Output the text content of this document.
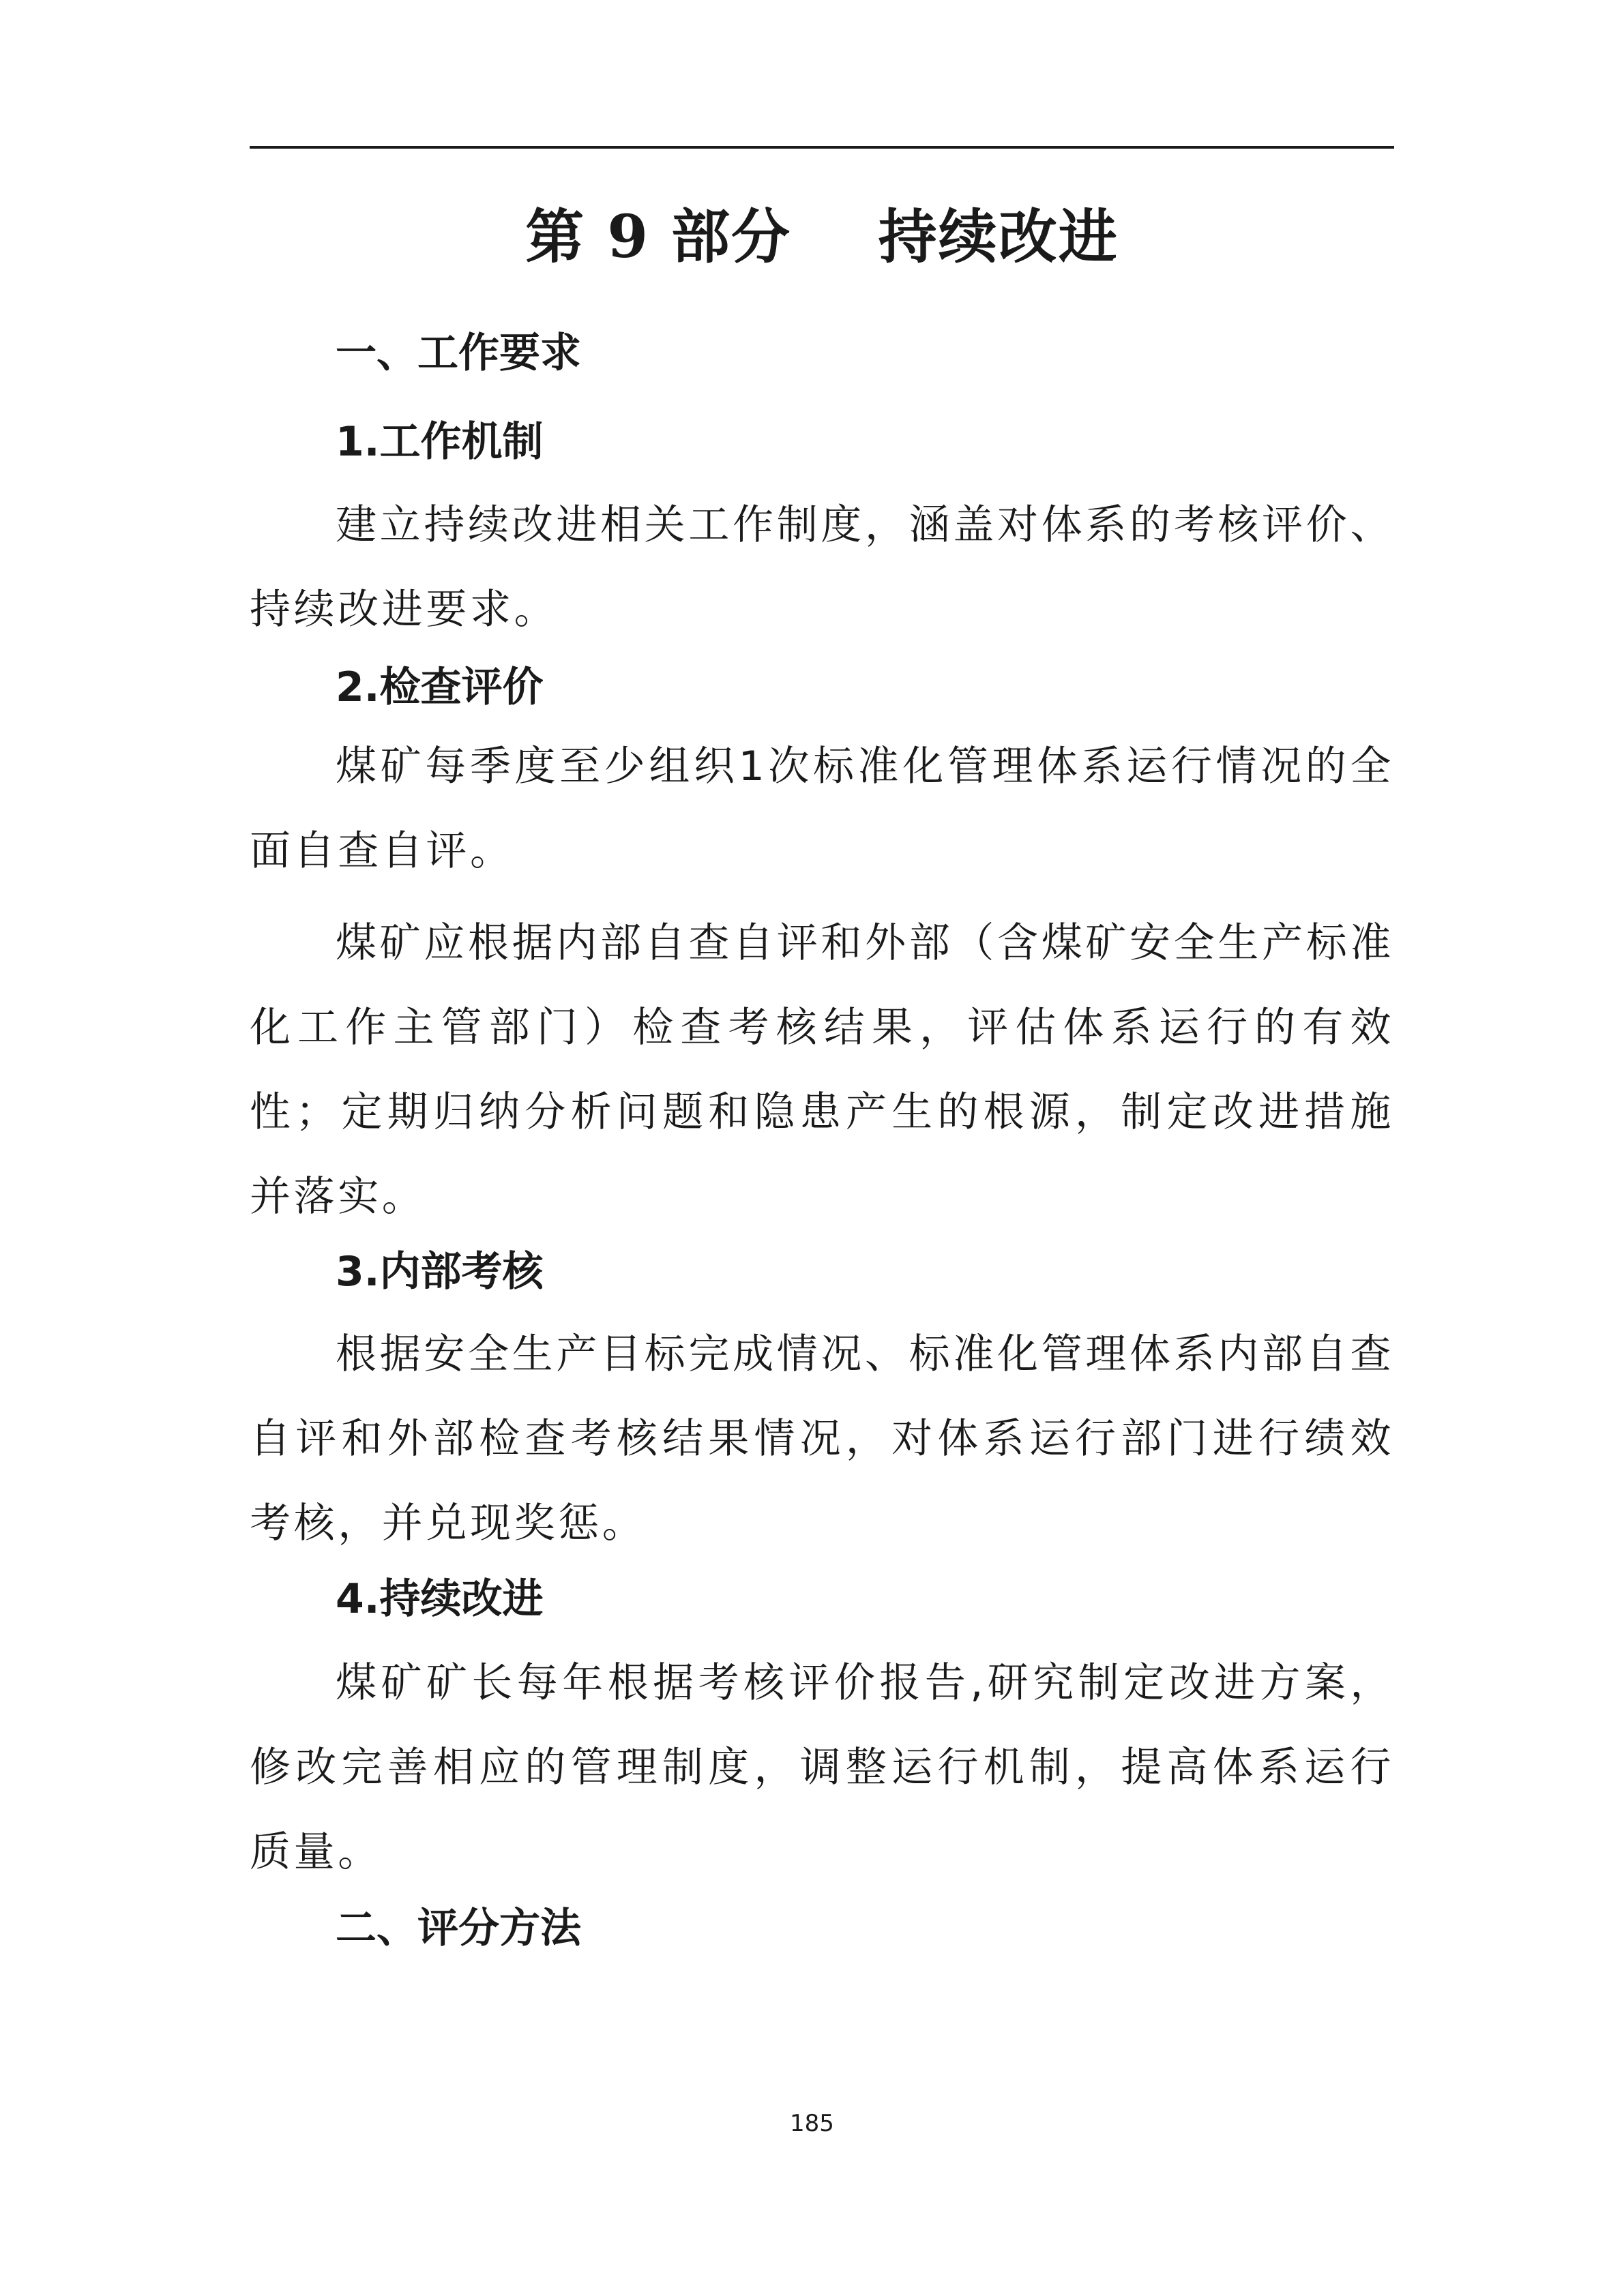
第 9 部分    持续改进
一、工作要求
1.工作机制

建立持续改进相关工作制度，涵盖对体系的考核评价、持续改进要求。

2.检查评价

煤矿每季度至少组织1次标准化管理体系运行情况的全面自查自评。

煤矿应根据内部自查自评和外部（含煤矿安全生产标准化工作主管部门）检查考核结果，评估体系运行的有效性；定期归纳分析问题和隐患产生的根源，制定改进措施并落实。

3.内部考核

根据安全生产目标完成情况、标准化管理体系内部自查自评和外部检查考核结果情况，对体系运行部门进行绩效考核，并兑现奖惩。

4.持续改进

煤矿矿长每年根据考核评价报告,研究制定改进方案，修改完善相应的管理制度，调整运行机制，提高体系运行质量。

二、评分方法
185
